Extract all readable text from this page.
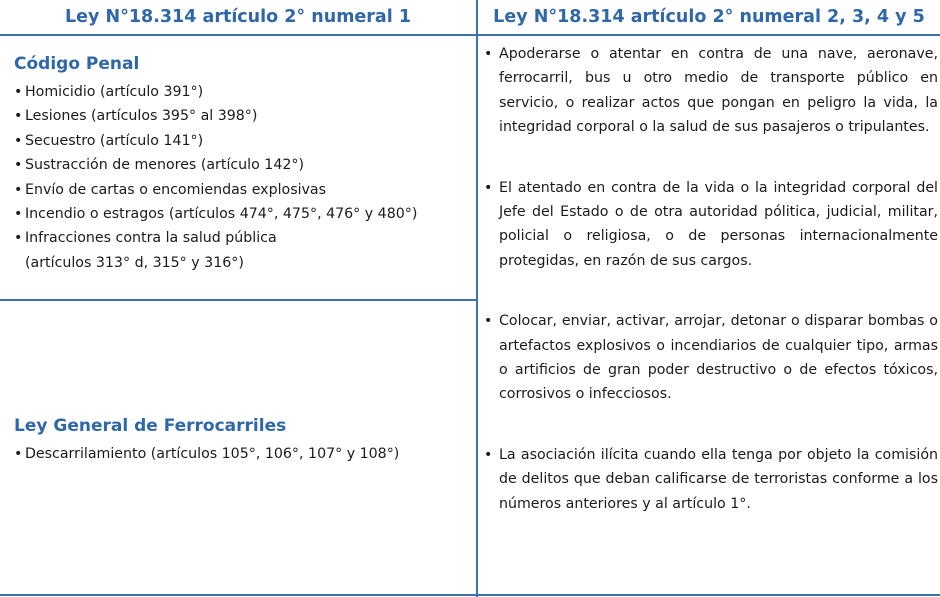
Ley N°18.314 artículo 2° numeral 1	Ley N°18.314 artículo 2° numeral 2, 3, 4 y 5
Código Penal
• Homicidio (artículo 391°)
• Lesiones (artículos 395° al 398°)
• Secuestro (artículo 141°)
• Sustracción de menores (artículo 142°)
• Envío de cartas o encomiendas explosivas
• Incendio o estragos (artículos 474°, 475°, 476° y 480°)
• Infracciones contra la salud pública
(artículos 313° d, 315° y 316°)
Ley General de Ferrocarriles
• Descarrilamiento (artículos 105°, 106°, 107° y 108°)
• Apoderarse o atentar en contra de una nave, aeronave, ferrocarril, bus u otro medio de transporte público en servicio, o realizar actos que pongan en peligro la vida, la integridad corporal o la salud de sus pasajeros o tripulantes.
• El atentado en contra de la vida o la integridad corporal del Jefe del Estado o de otra autoridad pólitica, judicial, militar, policial o religiosa, o de personas internacionalmente protegidas, en razón de sus cargos.
• Colocar, enviar, activar, arrojar, detonar o disparar bombas o artefactos explosivos o incendiarios de cualquier tipo, armas o artificios de gran poder destructivo o de efectos tóxicos, corrosivos o infecciosos.
• La asociación ilícita cuando ella tenga por objeto la comisión de delitos que deban calificarse de terroristas conforme a los números anteriores y al artículo 1°.
